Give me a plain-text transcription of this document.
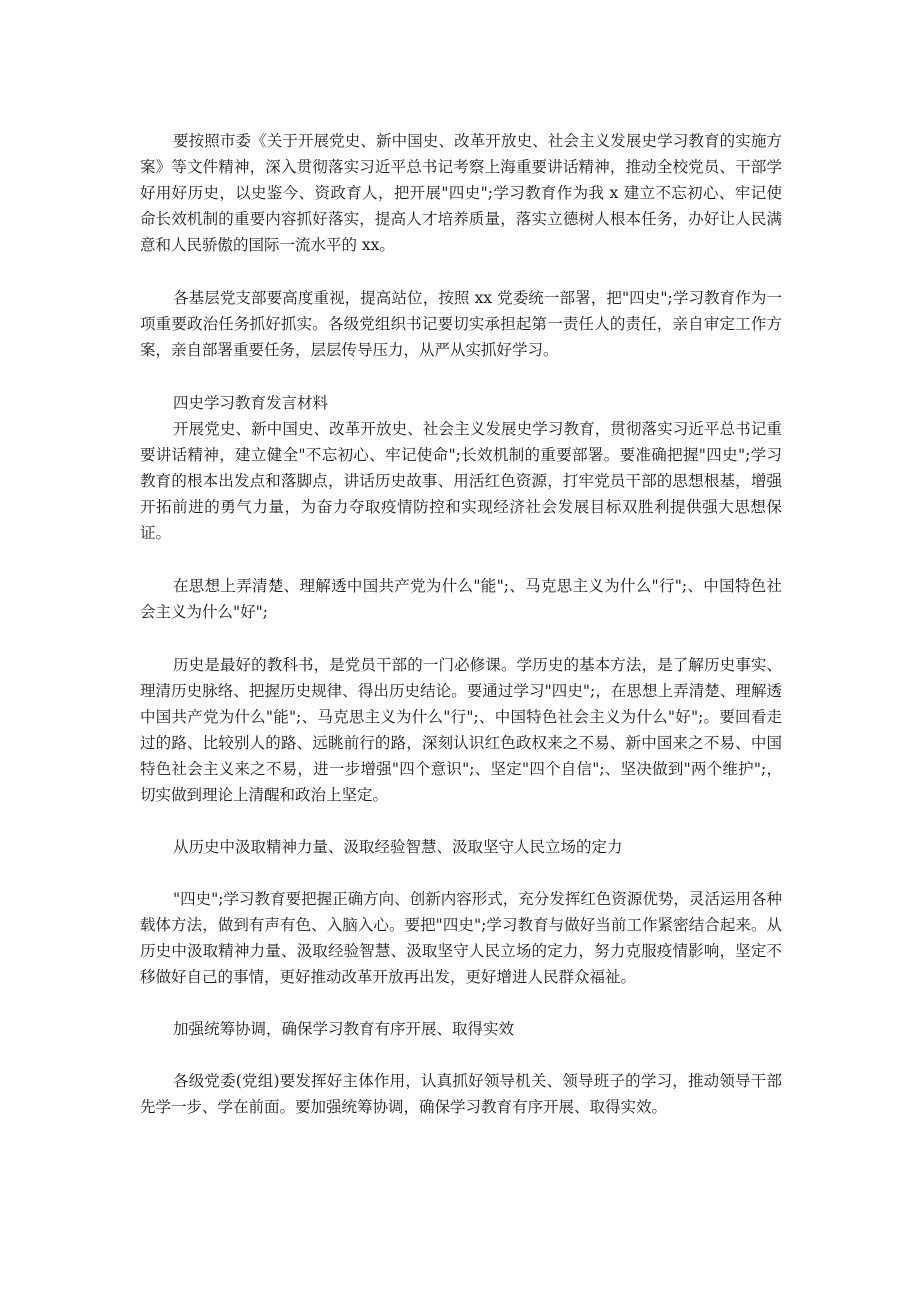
要按照市委《关于开展党史、新中国史、改革开放史、社会主义发展史学习教育的实施方案》等文件精神，深入贯彻落实习近平总书记考察上海重要讲话精神，推动全校党员、干部学好用好历史，以史鉴今、资政育人，把开展"四史";学习教育作为我 x 建立不忘初心、牢记使命长效机制的重要内容抓好落实，提高人才培养质量，落实立德树人根本任务，办好让人民满意和人民骄傲的国际一流水平的 xx。

各基层党支部要高度重视，提高站位，按照 xx 党委统一部署，把"四史";学习教育作为一项重要政治任务抓好抓实。各级党组织书记要切实承担起第一责任人的责任，亲自审定工作方案，亲自部署重要任务，层层传导压力，从严从实抓好学习。

四史学习教育发言材料

开展党史、新中国史、改革开放史、社会主义发展史学习教育，贯彻落实习近平总书记重要讲话精神，建立健全"不忘初心、牢记使命";长效机制的重要部署。要准确把握"四史";学习教育的根本出发点和落脚点，讲话历史故事、用活红色资源，打牢党员干部的思想根基，增强开拓前进的勇气力量，为奋力夺取疫情防控和实现经济社会发展目标双胜利提供强大思想保证。

在思想上弄清楚、理解透中国共产党为什么"能";、马克思主义为什么"行";、中国特色社会主义为什么"好";

历史是最好的教科书，是党员干部的一门必修课。学历史的基本方法，是了解历史事实、理清历史脉络、把握历史规律、得出历史结论。要通过学习"四史";，在思想上弄清楚、理解透中国共产党为什么"能";、马克思主义为什么"行";、中国特色社会主义为什么"好";。要回看走过的路、比较别人的路、远眺前行的路，深刻认识红色政权来之不易、新中国来之不易、中国特色社会主义来之不易，进一步增强"四个意识";、坚定"四个自信";、坚决做到"两个维护";，切实做到理论上清醒和政治上坚定。

从历史中汲取精神力量、汲取经验智慧、汲取坚守人民立场的定力

"四史";学习教育要把握正确方向、创新内容形式，充分发挥红色资源优势，灵活运用各种载体方法，做到有声有色、入脑入心。要把"四史";学习教育与做好当前工作紧密结合起来。从历史中汲取精神力量、汲取经验智慧、汲取坚守人民立场的定力，努力克服疫情影响，坚定不移做好自己的事情，更好推动改革开放再出发，更好增进人民群众福祉。

加强统筹协调，确保学习教育有序开展、取得实效

各级党委(党组)要发挥好主体作用，认真抓好领导机关、领导班子的学习，推动领导干部先学一步、学在前面。要加强统筹协调，确保学习教育有序开展、取得实效。
